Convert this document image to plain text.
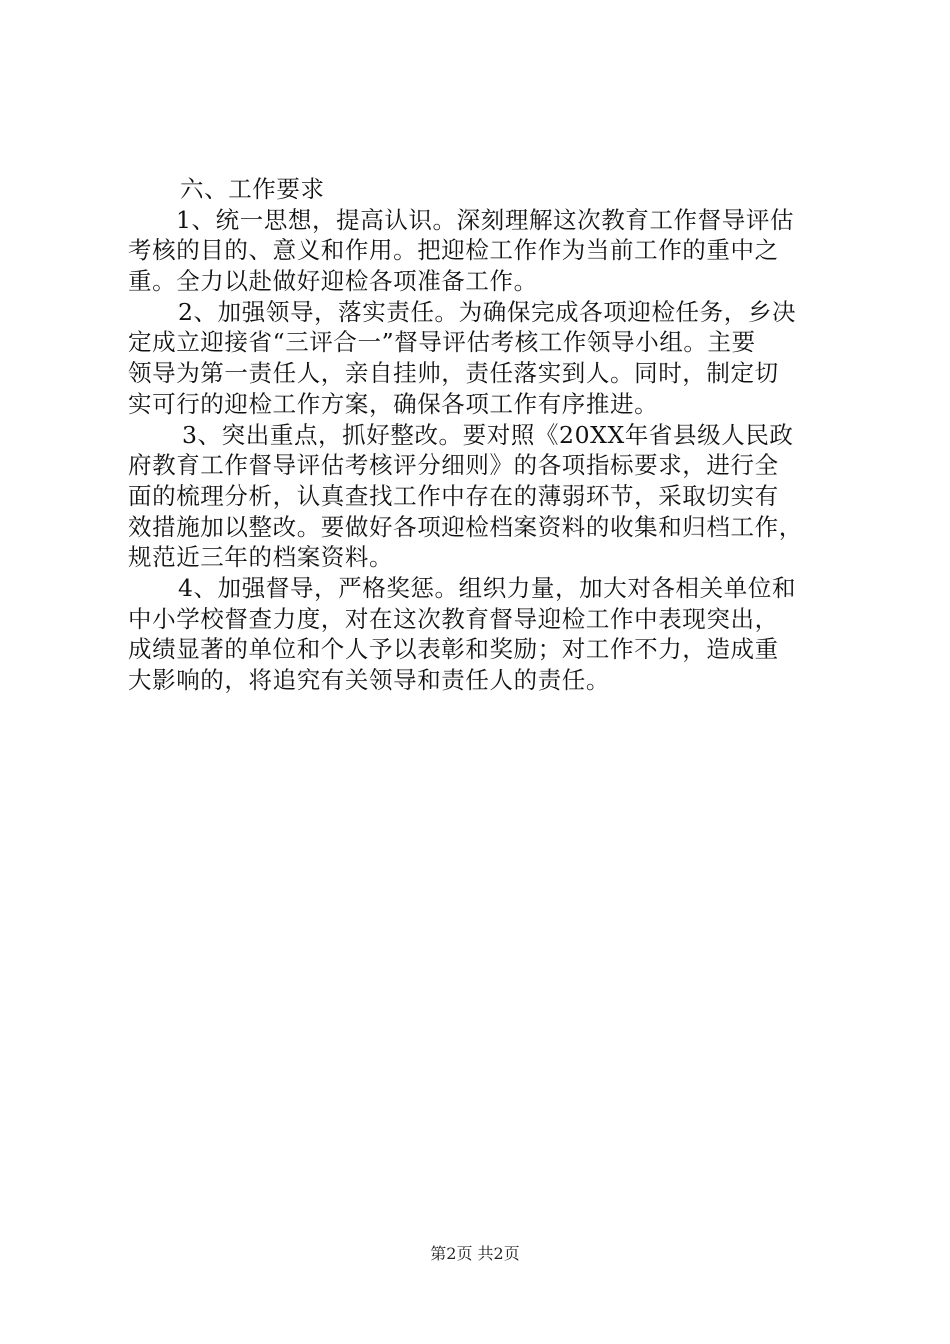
六、工作要求
1、统一思想，提高认识。深刻理解这次教育工作督导评估
考核的目的、意义和作用。把迎检工作作为当前工作的重中之
重。全力以赴做好迎检各项准备工作。
2、加强领导，落实责任。为确保完成各项迎检任务，乡决
定成立迎接省“三评合一”督导评估考核工作领导小组。主要
领导为第一责任人，亲自挂帅，责任落实到人。同时，制定切
实可行的迎检工作方案，确保各项工作有序推进。
3、突出重点，抓好整改。要对照《20XX年省县级人民政
府教育工作督导评估考核评分细则》的各项指标要求，进行全
面的梳理分析，认真查找工作中存在的薄弱环节，采取切实有
效措施加以整改。要做好各项迎检档案资料的收集和归档工作，
规范近三年的档案资料。
4、加强督导，严格奖惩。组织力量，加大对各相关单位和
中小学校督查力度，对在这次教育督导迎检工作中表现突出，
成绩显著的单位和个人予以表彰和奖励；对工作不力，造成重
大影响的，将追究有关领导和责任人的责任。
第2页 共2页
